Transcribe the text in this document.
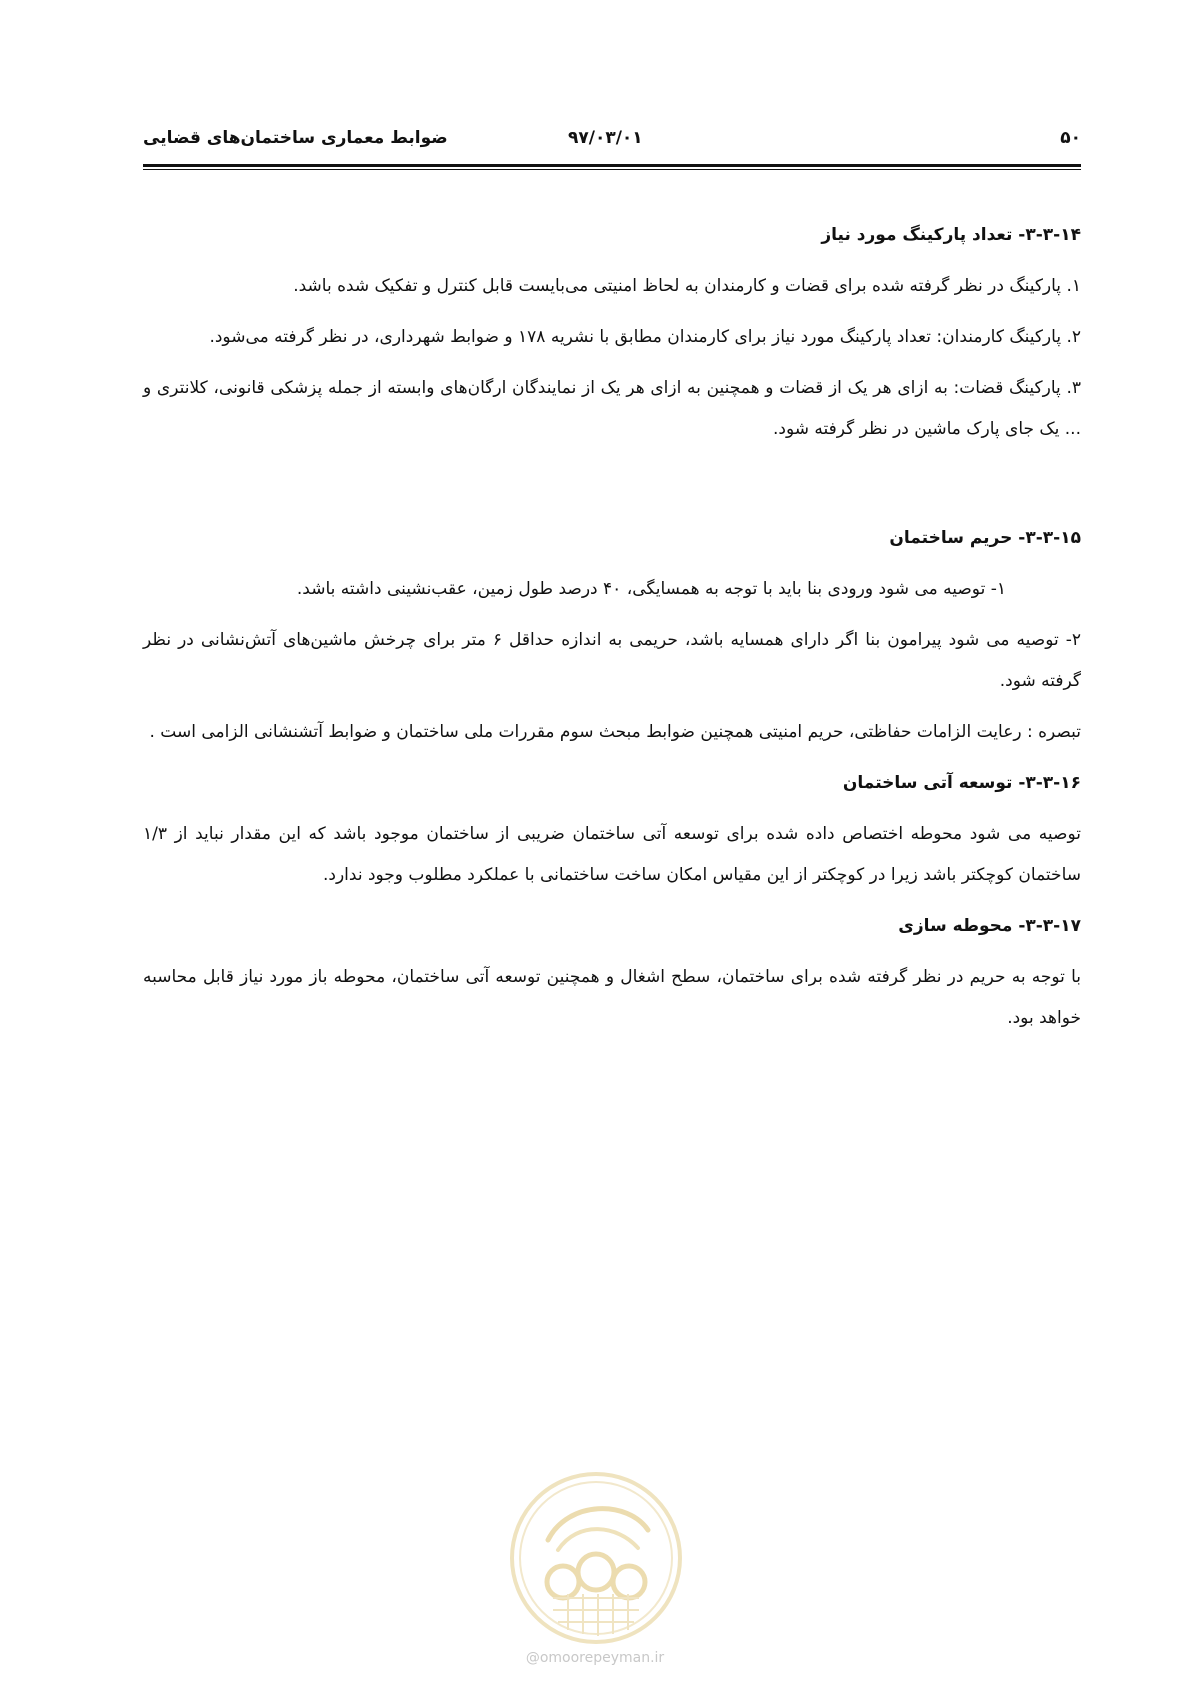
۵۰
۹۷/۰۳/۰۱
ضوابط معماری ساختمان‌های قضایی
۳-۳-۱۴- تعداد پارکینگ مورد نیاز
۱. پارکینگ در نظر گرفته شده برای قضات و کارمندان به لحاظ امنیتی می‌بایست قابل کنترل و تفکیک شده باشد.
۲. پارکینگ کارمندان: تعداد پارکینگ مورد نیاز برای کارمندان مطابق با نشریه ۱۷۸ و ضوابط شهرداری، در نظر گرفته می‌شود.
۳. پارکینگ قضات: به ازای هر یک از قضات و همچنین به ازای هر یک از نمایندگان ارگان‌های وابسته از جمله پزشکی قانونی، کلانتری و ... یک جای پارک ماشین در نظر گرفته شود.
۳-۳-۱۵- حریم ساختمان
۱- توصیه می شود ورودی بنا باید با توجه به همسایگی، ۴۰ درصد طول زمین، عقب‌نشینی داشته باشد.
۲- توصیه می شود پیرامون بنا اگر دارای همسایه باشد، حریمی به اندازه حداقل ۶ متر برای چرخش ماشین‌های آتش‌نشانی در نظر گرفته شود.
تبصره : رعایت الزامات حفاظتی، حریم امنیتی همچنین ضوابط مبحث سوم مقررات ملی ساختمان و ضوابط آتشنشانی الزامی است .
۳-۳-۱۶- توسعه آتی ساختمان
توصیه می شود محوطه اختصاص داده شده برای توسعه آتی ساختمان ضریبی از ساختمان موجود باشد که این مقدار نباید از ۱/۳ ساختمان کوچکتر باشد زیرا در کوچکتر از این مقیاس امکان ساخت ساختمانی با عملکرد مطلوب وجود ندارد.
۳-۳-۱۷- محوطه سازی
با توجه به حریم در نظر گرفته شده برای ساختمان، سطح اشغال و همچنین توسعه آتی ساختمان، محوطه باز مورد نیاز قابل محاسبه خواهد بود.
@omoorepeyman.ir
